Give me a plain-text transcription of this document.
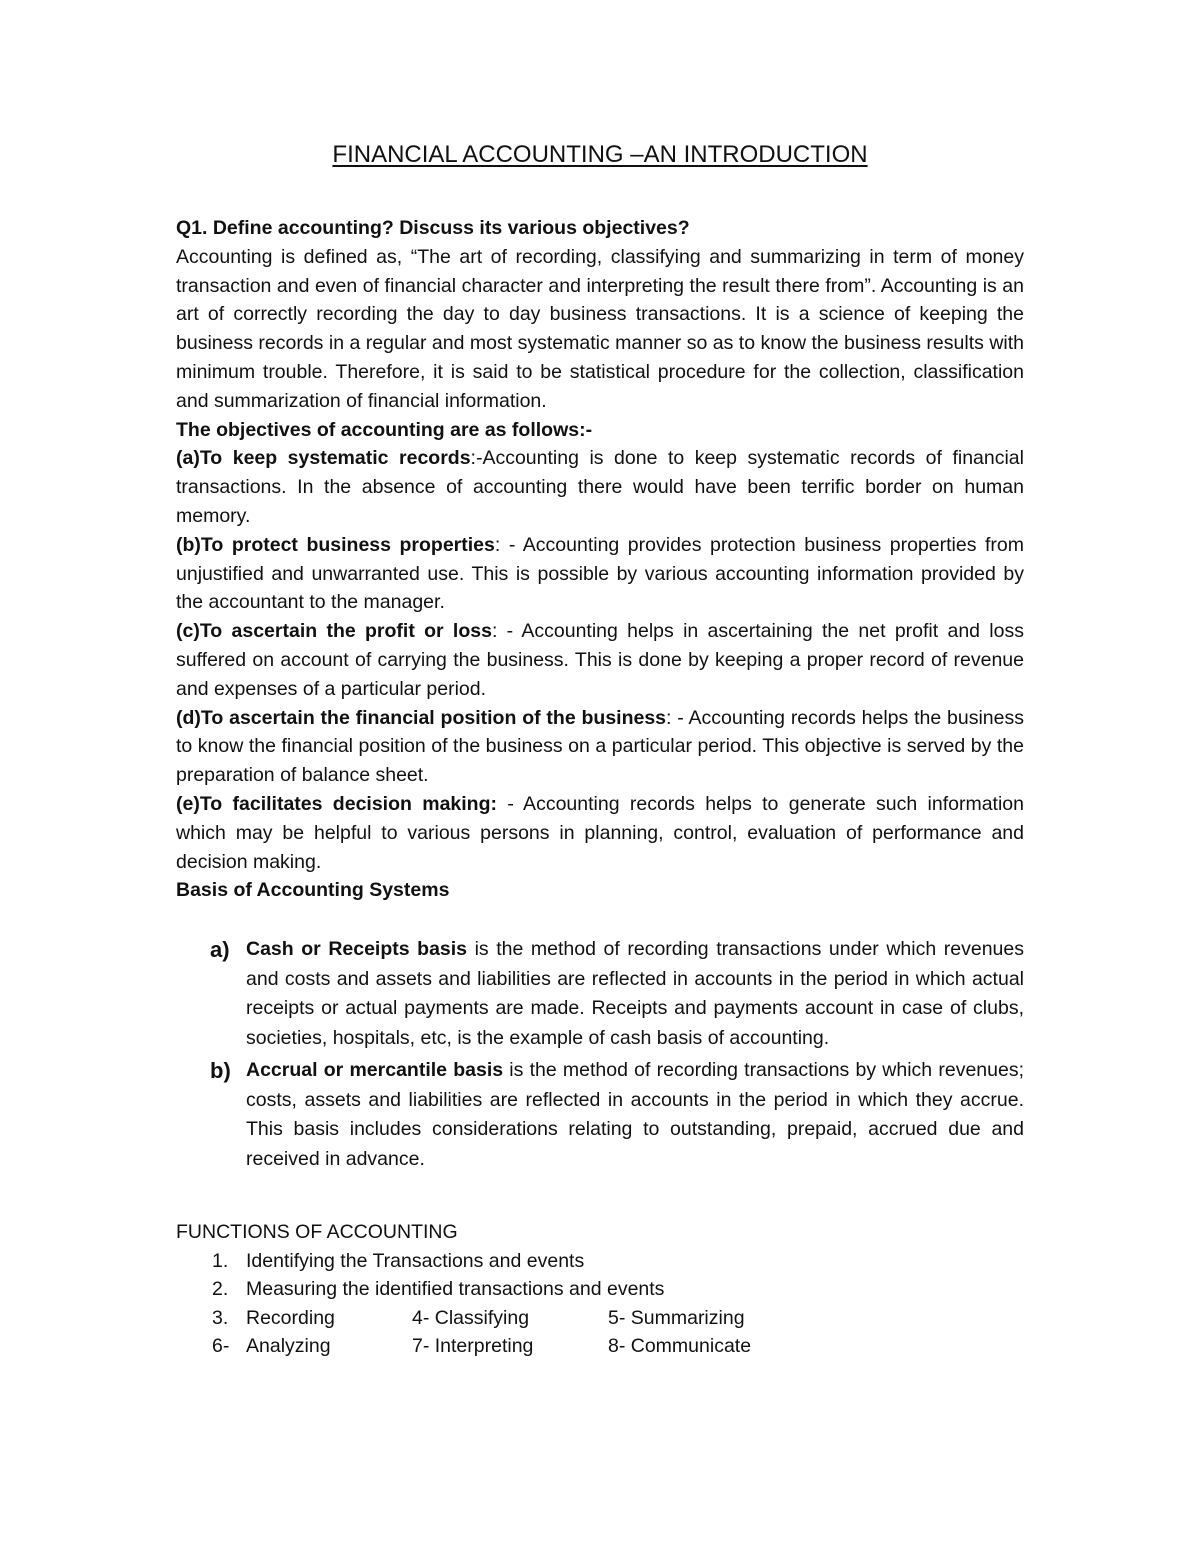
FINANCIAL ACCOUNTING –AN INTRODUCTION

Q1. Define accounting? Discuss its various objectives?

Accounting is defined as, “The art of recording, classifying and summarizing in term of money transaction and even of financial character and interpreting the result there from”. Accounting is an art of correctly recording the day to day business transactions. It is a science of keeping the business records in a regular and most systematic manner so as to know the business results with minimum trouble. Therefore, it is said to be statistical procedure for the collection, classification and summarization of financial information.

The objectives of accounting are as follows:-

(a)To keep systematic records:-Accounting is done to keep systematic records of financial transactions. In the absence of accounting there would have been terrific border on human memory.

(b)To protect business properties: - Accounting provides protection business properties from unjustified and unwarranted use. This is possible by various accounting information provided by the accountant to the manager.

(c)To ascertain the profit or loss: - Accounting helps in ascertaining the net profit and loss suffered on account of carrying the business. This is done by keeping a proper record of revenue and expenses of a particular period.

(d)To ascertain the financial position of the business: - Accounting records helps the business to know the financial position of the business on a particular period. This objective is served by the preparation of balance sheet.

(e)To facilitates decision making: - Accounting records helps to generate such information which may be helpful to various persons in planning, control, evaluation of performance and decision making.

Basis of Accounting Systems

a) Cash or Receipts basis is the method of recording transactions under which revenues and costs and assets and liabilities are reflected in accounts in the period in which actual receipts or actual payments are made. Receipts and payments account in case of clubs, societies, hospitals, etc, is the example of cash basis of accounting.
b) Accrual or mercantile basis is the method of recording transactions by which revenues; costs, assets and liabilities are reflected in accounts in the period in which they accrue. This basis includes considerations relating to outstanding, prepaid, accrued due and received in advance.

FUNCTIONS OF ACCOUNTING

1. Identifying the Transactions and events
2. Measuring the identified transactions and events
3. Recording	4- Classifying	5- Summarizing
6- Analyzing	7- Interpreting	8- Communicate
